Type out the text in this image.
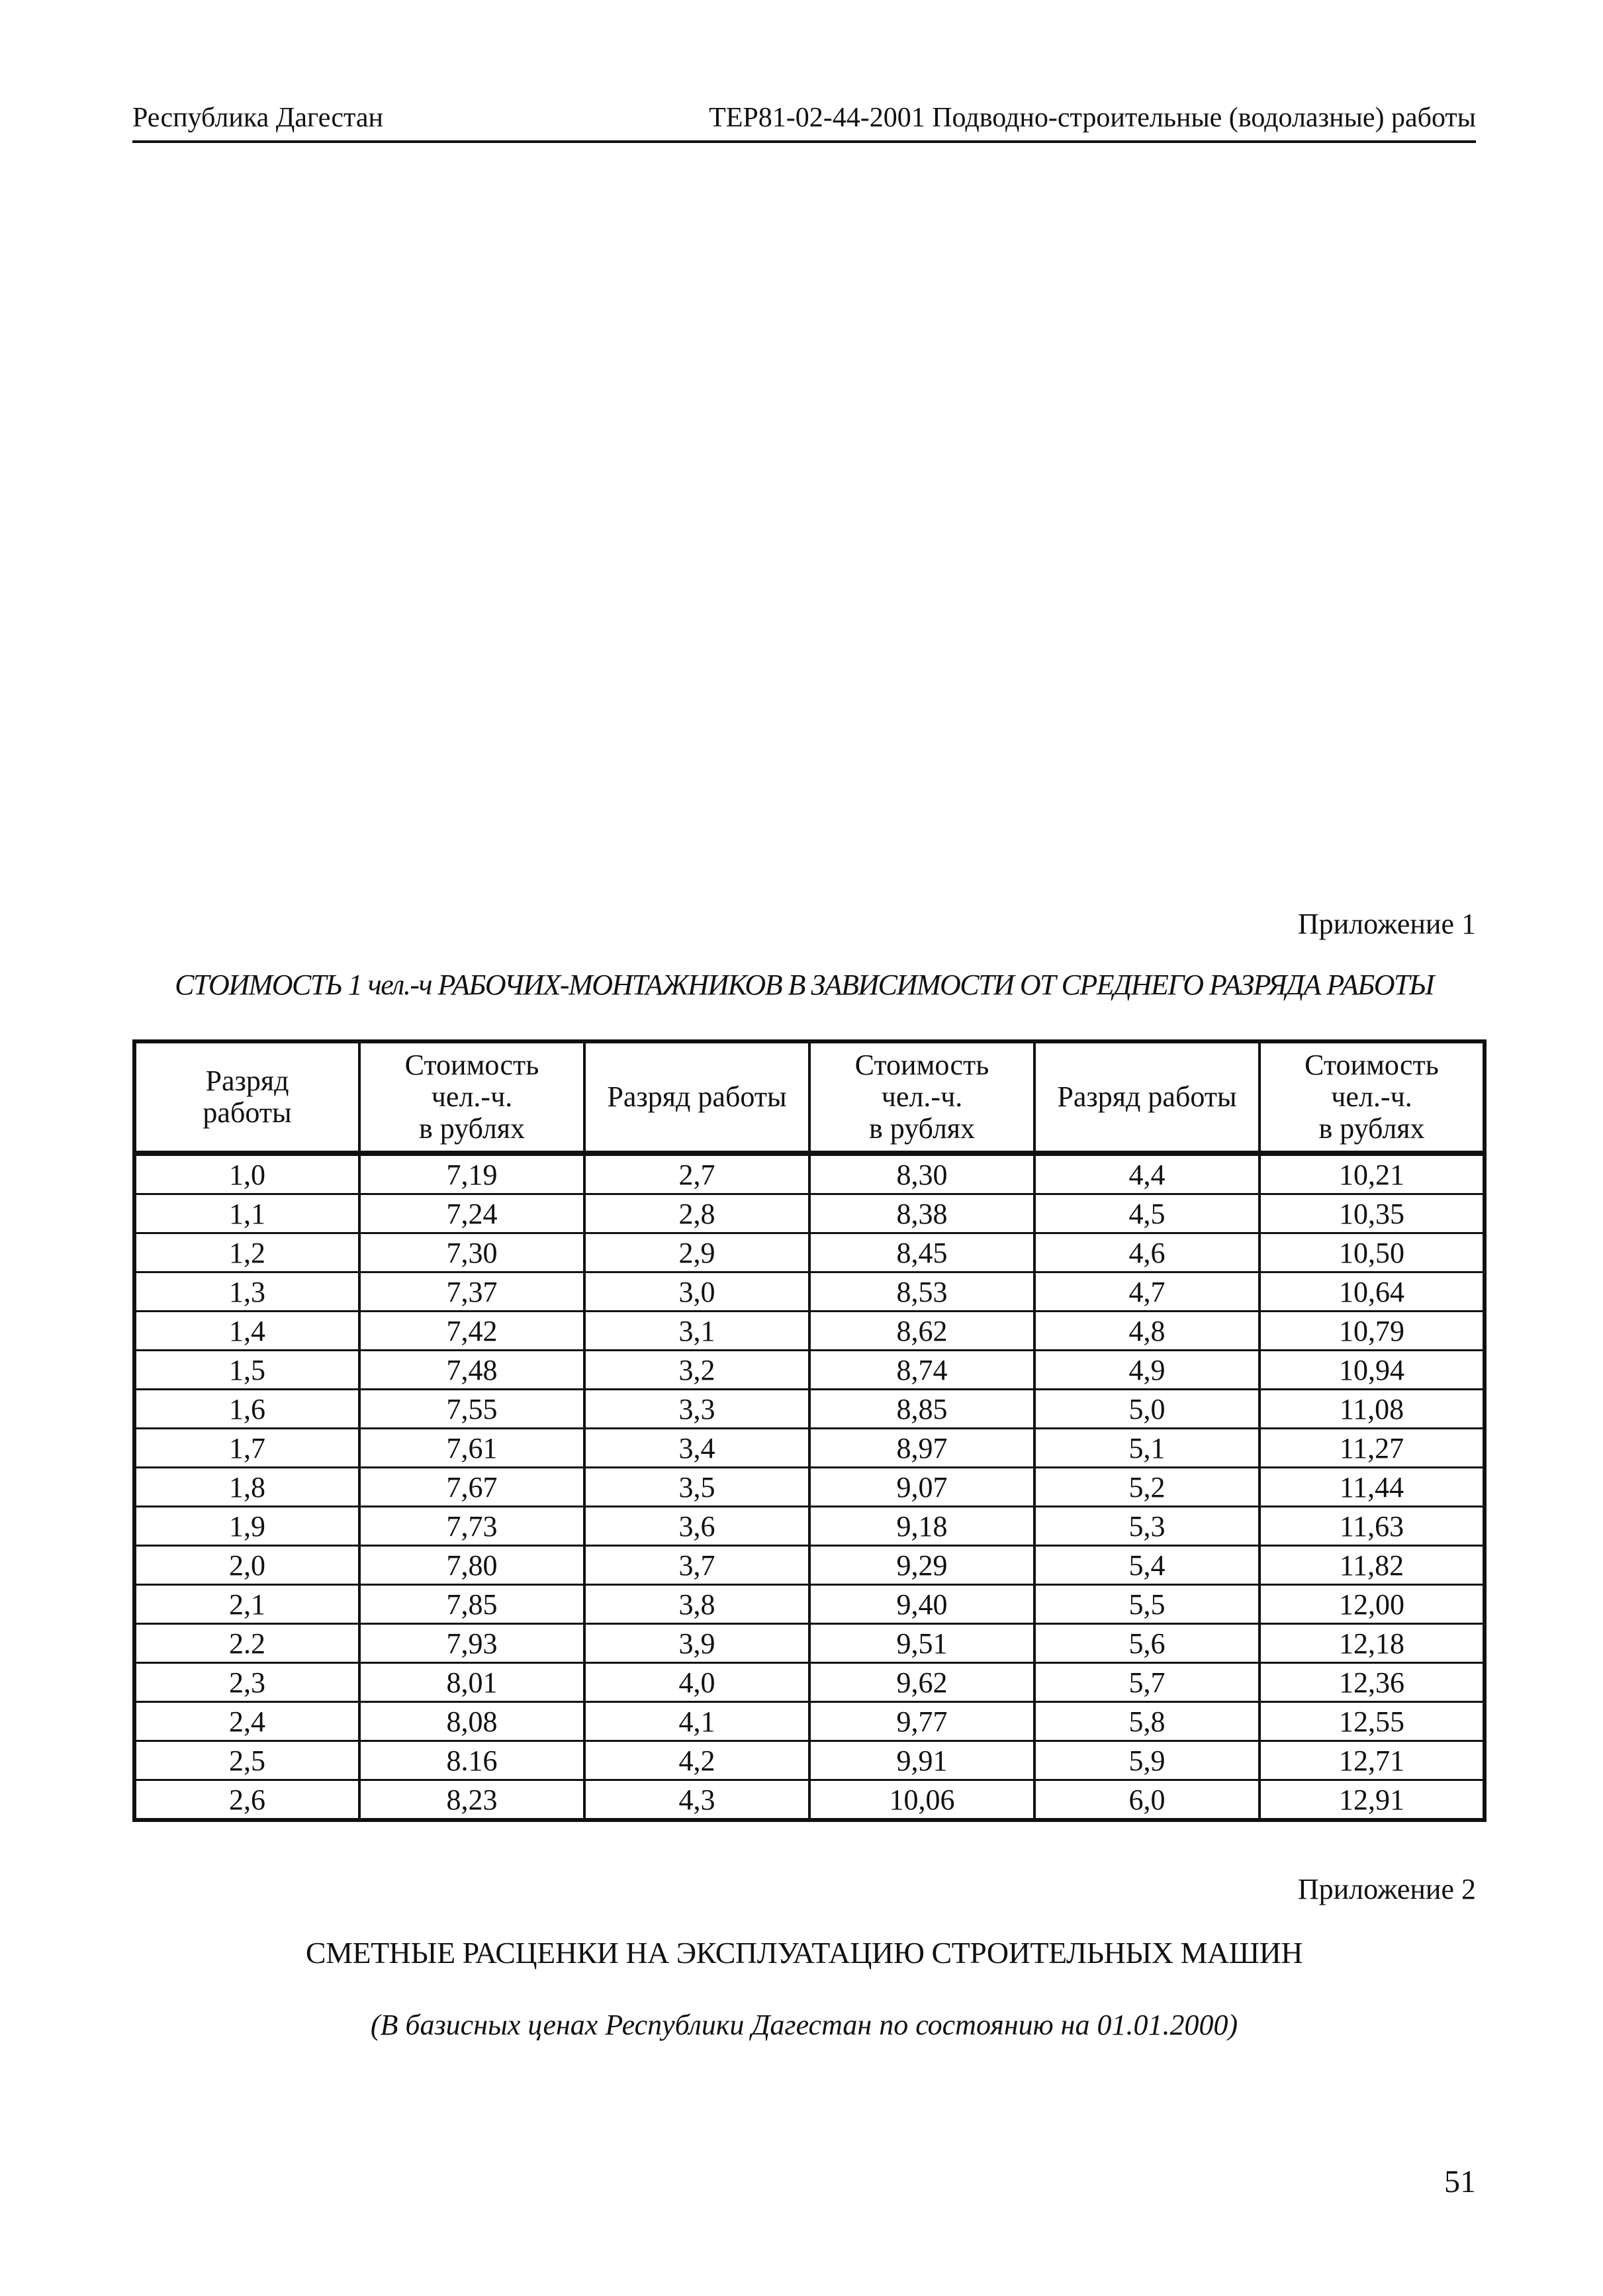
Республика Дагестан	ТЕР81-02-44-2001 Подводно-строительные (водолазные) работы
Приложение 1
СТОИМОСТЬ 1 чел.-ч РАБОЧИХ-МОНТАЖНИКОВ В ЗАВИСИМОСТИ ОТ СРЕДНЕГО РАЗРЯДА РАБОТЫ
Разряд
работы	Стоимость
чел.-ч.
в рублях	Разряд работы	Стоимость
чел.-ч.
в рублях	Разряд работы	Стоимость
чел.-ч.
в рублях

1,0	7,19	2,7	8,30	4,4	10,21
1,1	7,24	2,8	8,38	4,5	10,35
1,2	7,30	2,9	8,45	4,6	10,50
1,3	7,37	3,0	8,53	4,7	10,64
1,4	7,42	3,1	8,62	4,8	10,79
1,5	7,48	3,2	8,74	4,9	10,94
1,6	7,55	3,3	8,85	5,0	11,08
1,7	7,61	3,4	8,97	5,1	11,27
1,8	7,67	3,5	9,07	5,2	11,44
1,9	7,73	3,6	9,18	5,3	11,63
2,0	7,80	3,7	9,29	5,4	11,82
2,1	7,85	3,8	9,40	5,5	12,00
2.2	7,93	3,9	9,51	5,6	12,18
2,3	8,01	4,0	9,62	5,7	12,36
2,4	8,08	4,1	9,77	5,8	12,55
2,5	8.16	4,2	9,91	5,9	12,71
2,6	8,23	4,3	10,06	6,0	12,91
Приложение 2
СМЕТНЫЕ РАСЦЕНКИ НА ЭКСПЛУАТАЦИЮ СТРОИТЕЛЬНЫХ МАШИН
(В базисных ценах Республики Дагестан по состоянию на 01.01.2000)
51
